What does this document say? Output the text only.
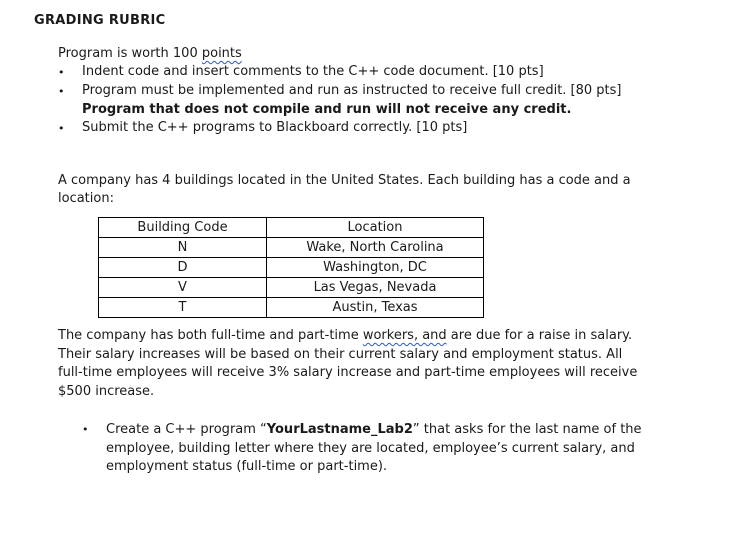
GRADING RUBRIC
Program is worth 100 points
• Indent code and insert comments to the C++ code document. [10 pts]
• Program must be implemented and run as instructed to receive full credit. [80 pts]
Program that does not compile and run will not receive any credit.
• Submit the C++ programs to Blackboard correctly. [10 pts]
A company has 4 buildings located in the United States. Each building has a code and a
location:
Building Code	Location
N	Wake, North Carolina
D	Washington, DC
V	Las Vegas, Nevada
T	Austin, Texas
The company has both full-time and part-time workers, and are due for a raise in salary.
Their salary increases will be based on their current salary and employment status. All
full-time employees will receive 3% salary increase and part-time employees will receive
$500 increase.
• Create a C++ program “YourLastname_Lab2” that asks for the last name of the employee, building letter where they are located, employee’s current salary, and employment status (full-time or part-time).
